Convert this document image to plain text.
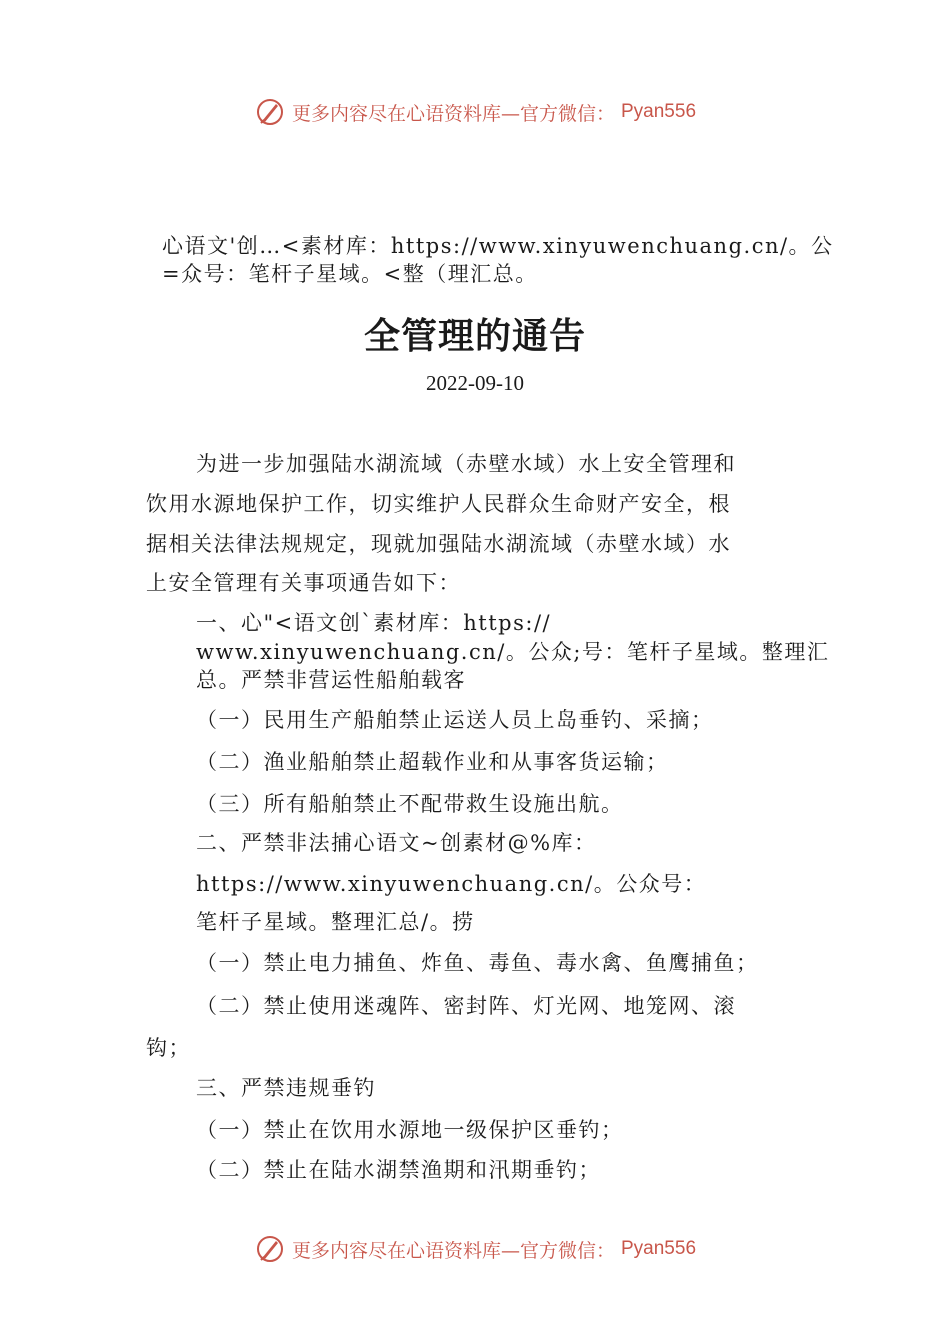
更多内容尽在心语资料库—官方微信： Pyan556
心语文'创…<素材库：https://www.xinyuwenchuang.cn/。公
=众号：笔杆子星域。<整（理汇总。
全管理的通告
2022-09-10
为进一步加强陆水湖流域（赤壁水域）水上安全管理和
饮用水源地保护工作，切实维护人民群众生命财产安全，根
据相关法律法规规定，现就加强陆水湖流域（赤壁水域）水
上安全管理有关事项通告如下：
一、心"<语文创`素材库：https://
www.xinyuwenchuang.cn/。公众;号：笔杆子星域。整理汇
总。严禁非营运性船舶载客
（一）民用生产船舶禁止运送人员上岛垂钓、采摘；
（二）渔业船舶禁止超载作业和从事客货运输；
（三）所有船舶禁止不配带救生设施出航。
二、严禁非法捕心语文~创素材@%库：
https://www.xinyuwenchuang.cn/。公众号：
笔杆子星域。整理汇总/。捞
（一）禁止电力捕鱼、炸鱼、毒鱼、毒水禽、鱼鹰捕鱼；
（二）禁止使用迷魂阵、密封阵、灯光网、地笼网、滚
钩；
三、严禁违规垂钓
（一）禁止在饮用水源地一级保护区垂钓；
（二）禁止在陆水湖禁渔期和汛期垂钓；
更多内容尽在心语资料库—官方微信： Pyan556
